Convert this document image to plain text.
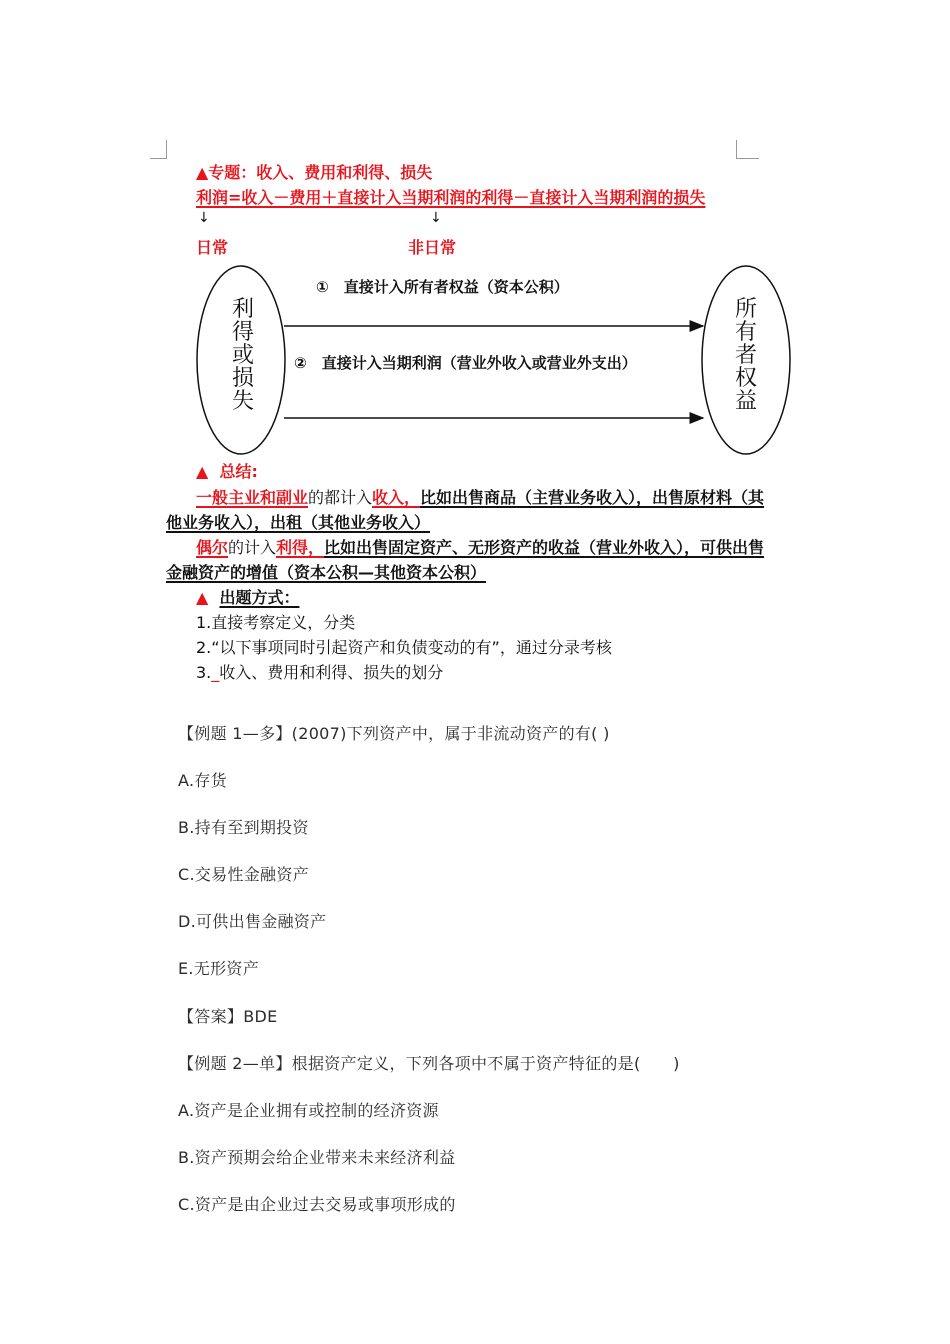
▲专题：收入、费用和利得、损失
利润=收入－费用＋直接计入当期利润的利得－直接计入当期利润的损失
↓	↓
日常	非日常
利
得
或
损
失
所
有
者
权
益
①　直接计入所有者权益（资本公积）
②　直接计入当期利润（营业外收入或营业外支出）
▲ 总结:
一般主业和副业的都计入收入，比如出售商品（主营业务收入），出售原材料（其
他业务收入），出租（其他业务收入）
偶尔的计入利得，比如出售固定资产、无形资产的收益（营业外收入），可供出售
金融资产的增值（资本公积—其他资本公积）
▲ 出题方式：
1.直接考察定义，分类
2.“以下事项同时引起资产和负债变动的有”，通过分录考核
3._收入、费用和利得、损失的划分
【例题 1—多】(2007)下列资产中，属于非流动资产的有( )
A.存货
B.持有至到期投资
C.交易性金融资产
D.可供出售金融资产
E.无形资产
【答案】BDE
【例题 2—单】根据资产定义，下列各项中不属于资产特征的是(　　)
A.资产是企业拥有或控制的经济资源
B.资产预期会给企业带来未来经济利益
C.资产是由企业过去交易或事项形成的
